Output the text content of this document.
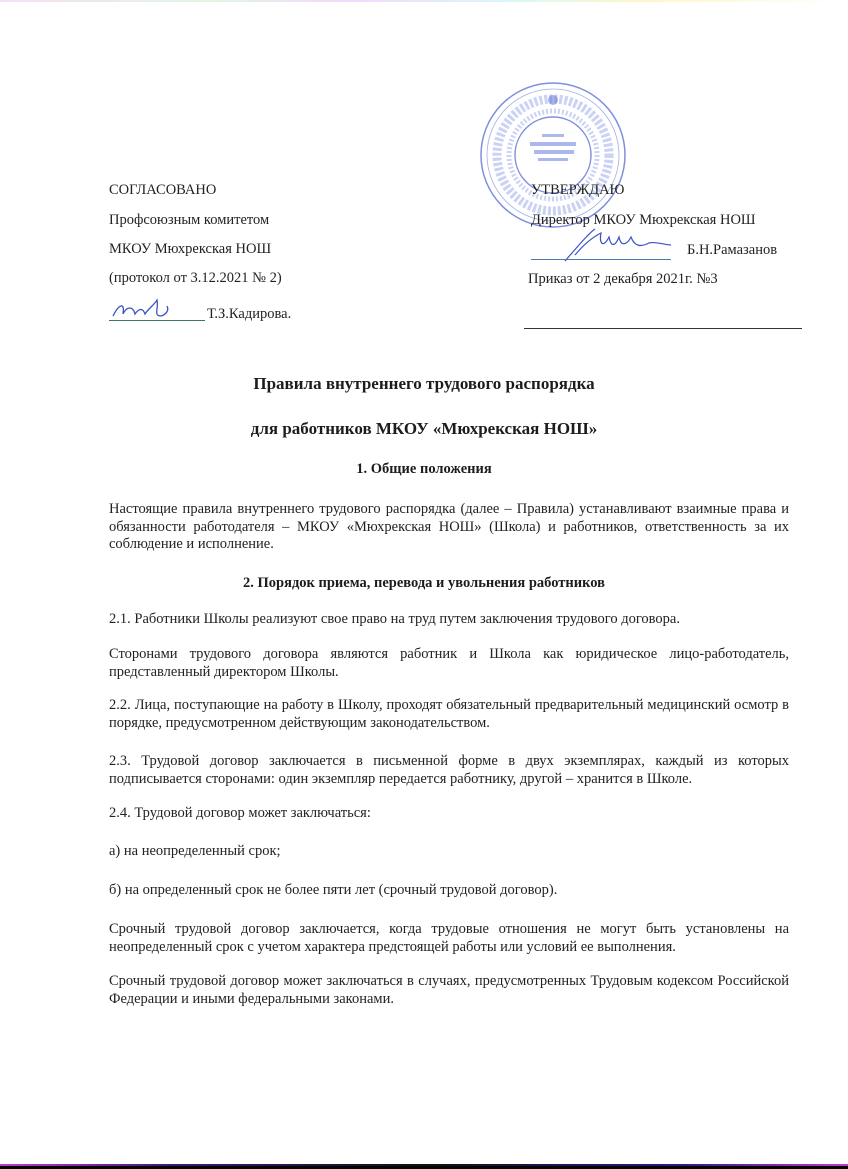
СОГЛАСОВАНО
Профсоюзным комитетом
МКОУ Мюхрекская НОШ
(протокол от 3.12.2021 № 2)
Т.З.Кадирова.
УТВЕРЖДАЮ
Директор МКОУ Мюхрекская НОШ
Б.Н.Рамазанов
Приказ от 2 декабря 2021г. №3
Правила внутреннего трудового распорядка
для работников МКОУ «Мюхрекская НОШ»
1. Общие положения
Настоящие правила внутреннего трудового распорядка (далее – Правила) устанавливают взаимные права и обязанности работодателя – МКОУ «Мюхрекская НОШ» (Школа) и работников, ответственность за их соблюдение и исполнение.
2. Порядок приема, перевода и увольнения работников
2.1. Работники Школы реализуют свое право на труд путем заключения трудового договора.
Сторонами трудового договора являются работник и Школа как юридическое лицо-работодатель, представленный директором Школы.
2.2. Лица, поступающие на работу в Школу, проходят обязательный предварительный медицинский осмотр в порядке, предусмотренном действующим законодательством.
2.3. Трудовой договор заключается в письменной форме в двух экземплярах, каждый из которых подписывается сторонами: один экземпляр передается работнику, другой – хранится в Школе.
2.4. Трудовой договор может заключаться:
а) на неопределенный срок;
б) на определенный срок не более пяти лет (срочный трудовой договор).
Срочный трудовой договор заключается, когда трудовые отношения не могут быть установлены на неопределенный срок с учетом характера предстоящей работы или условий ее выполнения.
Срочный трудовой договор может заключаться в случаях, предусмотренных Трудовым кодексом Российской Федерации и иными федеральными законами.
